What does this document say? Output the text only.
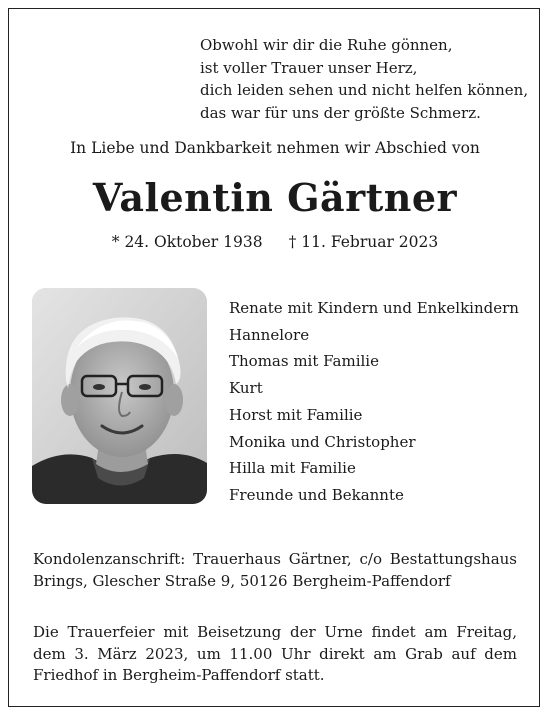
Obwohl wir dir die Ruhe gönnen,
ist voller Trauer unser Herz,
dich leiden sehen und nicht helfen können,
das war für uns der größte Schmerz.
In Liebe und Dankbarkeit nehmen wir Abschied von
Valentin Gärtner
* 24. Oktober 1938 † 11. Februar 2023
Renate mit Kindern und Enkelkindern
Hannelore
Thomas mit Familie
Kurt
Horst mit Familie
Monika und Christopher
Hilla mit Familie
Freunde und Bekannte

Kondolenzanschrift: Trauerhaus Gärtner, c/o Bestattungshaus Brings, Glescher Straße 9, 50126 Bergheim-Paffendorf

Die Trauerfeier mit Beisetzung der Urne findet am Freitag, dem 3. März 2023, um 11.00 Uhr direkt am Grab auf dem Friedhof in Bergheim-Paffendorf statt.
